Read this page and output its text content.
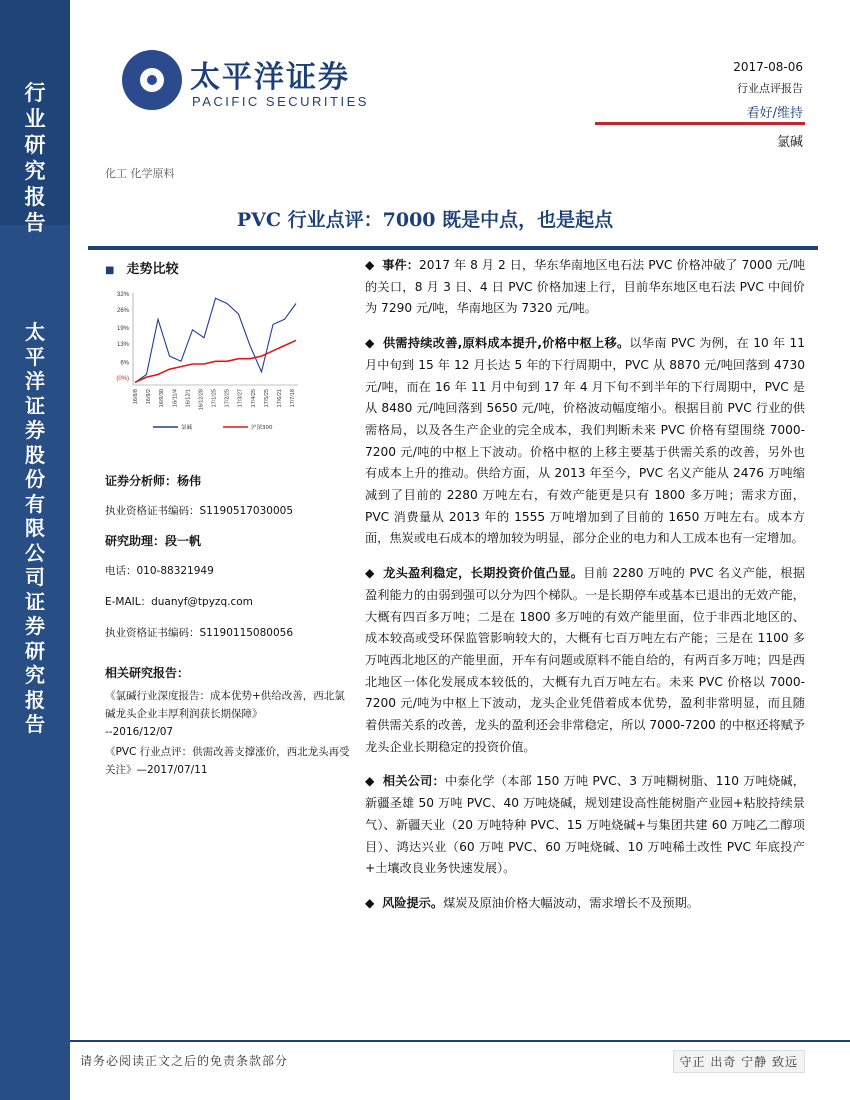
行
业
研
究
报
告
太
平
洋
证
券
股
份
有
限
公
司
证
券
研
究
报
告
太平洋证券
PACIFIC SECURITIES
2017-08-06
行业点评报告
看好/维持
氯碱
化工 化学原料
PVC 行业点评：7000 既是中点，也是起点
■ 走势比较
32%
26%
19%
13%
6%
(0%)
16/8/8 16/9/2 16/9/30 16/11/4 16/12/1 16/12/28 17/1/25 17/2/25 17/3/27 17/4/25 17/5/25 17/6/21 17/7/18
氯碱	沪深300
证券分析师：杨伟
执业资格证书编码：S1190517030005
研究助理：段一帆
电话：010-88321949
E-MAIL：duanyf@tpyzq.com
执业资格证书编码：S1190115080056
相关研究报告：
《氯碱行业深度报告：成本优势+供给改善，西北氯碱龙头企业丰厚利润获长期保障》
--2016/12/07
《PVC 行业点评：供需改善支撑涨价，西北龙头再受关注》—2017/07/11
◆  事件：2017 年 8 月 2 日，华东华南地区电石法 PVC 价格冲破了 7000 元/吨的关口，8 月 3 日、4 日 PVC 价格加速上行，目前华东地区电石法 PVC 中间价为 7290 元/吨，华南地区为 7320 元/吨。
◆  供需持续改善,原料成本提升,价格中枢上移。以华南 PVC 为例，在 10 年 11 月中旬到 15 年 12 月长达 5 年的下行周期中，PVC 从 8870 元/吨回落到 4730 元/吨，而在 16 年 11 月中旬到 17 年 4 月下旬不到半年的下行周期中，PVC 是从 8480 元/吨回落到 5650 元/吨，价格波动幅度缩小。根据目前 PVC 行业的供需格局，以及各生产企业的完全成本，我们判断未来 PVC 价格有望围绕 7000-7200 元/吨的中枢上下波动。价格中枢的上移主要基于供需关系的改善，另外也有成本上升的推动。供给方面，从 2013 年至今，PVC 名义产能从 2476 万吨缩减到了目前的 2280 万吨左右，有效产能更是只有 1800 多万吨；需求方面，PVC 消费量从 2013 年的 1555 万吨增加到了目前的 1650 万吨左右。成本方面，焦炭或电石成本的增加较为明显，部分企业的电力和人工成本也有一定增加。
◆  龙头盈利稳定，长期投资价值凸显。目前 2280 万吨的 PVC 名义产能，根据盈利能力的由弱到强可以分为四个梯队。一是长期停车或基本已退出的无效产能，大概有四百多万吨；二是在 1800 多万吨的有效产能里面，位于非西北地区的、成本较高或受环保监管影响较大的，大概有七百万吨左右产能；三是在 1100 多万吨西北地区的产能里面，开车有问题或原料不能自给的，有两百多万吨；四是西北地区一体化发展成本较低的，大概有九百万吨左右。未来 PVC 价格以 7000-7200 元/吨为中枢上下波动，龙头企业凭借着成本优势，盈利非常明显，而且随着供需关系的改善，龙头的盈利还会非常稳定，所以 7000-7200 的中枢还将赋予龙头企业长期稳定的投资价值。
◆  相关公司：中泰化学（本部 150 万吨 PVC、3 万吨糊树脂、110 万吨烧碱，新疆圣雄 50 万吨 PVC、40 万吨烧碱，规划建设高性能树脂产业园+粘胶持续景气）、新疆天业（20 万吨特种 PVC、15 万吨烧碱+与集团共建 60 万吨乙二醇项目）、鸿达兴业（60 万吨 PVC、60 万吨烧碱、10 万吨稀土改性 PVC 年底投产+土壤改良业务快速发展）。
◆  风险提示。煤炭及原油价格大幅波动，需求增长不及预期。
请务必阅读正文之后的免责条款部分	守正 出奇 宁静 致远
